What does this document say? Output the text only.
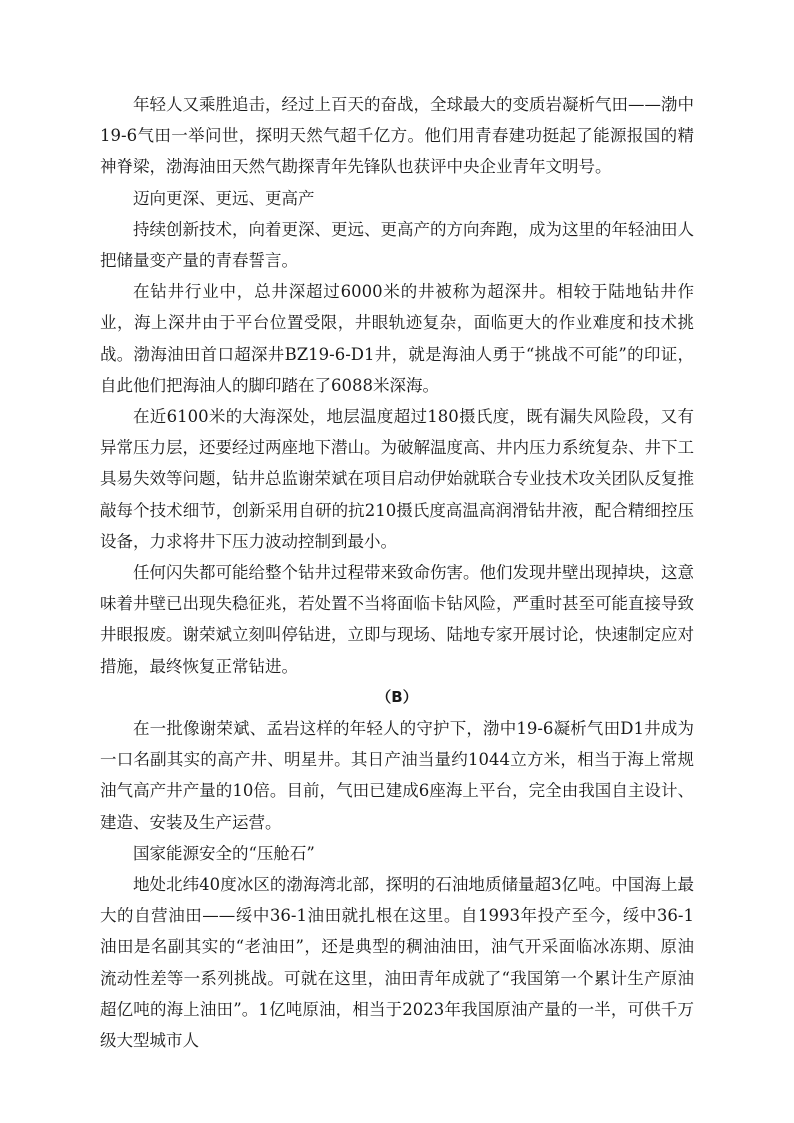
年轻人又乘胜追击，经过上百天的奋战，全球最大的变质岩凝析气田——渤中19-6气田一举问世，探明天然气超千亿方。他们用青春建功挺起了能源报国的精神脊梁，渤海油田天然气勘探青年先锋队也获评中央企业青年文明号。

迈向更深、更远、更高产

持续创新技术，向着更深、更远、更高产的方向奔跑，成为这里的年轻油田人把储量变产量的青春誓言。

在钻井行业中，总井深超过6000米的井被称为超深井。相较于陆地钻井作业，海上深井由于平台位置受限，井眼轨迹复杂，面临更大的作业难度和技术挑战。渤海油田首口超深井BZ19-6-D1井，就是海油人勇于“挑战不可能”的印证，自此他们把海油人的脚印踏在了6088米深海。

在近6100米的大海深处，地层温度超过180摄氏度，既有漏失风险段，又有异常压力层，还要经过两座地下潜山。为破解温度高、井内压力系统复杂、井下工具易失效等问题，钻井总监谢荣斌在项目启动伊始就联合专业技术攻关团队反复推敲每个技术细节，创新采用自研的抗210摄氏度高温高润滑钻井液，配合精细控压设备，力求将井下压力波动控制到最小。

任何闪失都可能给整个钻井过程带来致命伤害。他们发现井壁出现掉块，这意味着井壁已出现失稳征兆，若处置不当将面临卡钻风险，严重时甚至可能直接导致井眼报废。谢荣斌立刻叫停钻进，立即与现场、陆地专家开展讨论，快速制定应对措施，最终恢复正常钻进。

（B）

在一批像谢荣斌、孟岩这样的年轻人的守护下，渤中19-6凝析气田D1井成为一口名副其实的高产井、明星井。其日产油当量约1044立方米，相当于海上常规油气高产井产量的10倍。目前，气田已建成6座海上平台，完全由我国自主设计、建造、安装及生产运营。

国家能源安全的“压舱石”

地处北纬40度冰区的渤海湾北部，探明的石油地质储量超3亿吨。中国海上最大的自营油田——绥中36-1油田就扎根在这里。自1993年投产至今，绥中36-1油田是名副其实的“老油田”，还是典型的稠油油田，油气开采面临冰冻期、原油流动性差等一系列挑战。可就在这里，油田青年成就了“我国第一个累计生产原油超亿吨的海上油田”。1亿吨原油，相当于2023年我国原油产量的一半，可供千万级大型城市人
